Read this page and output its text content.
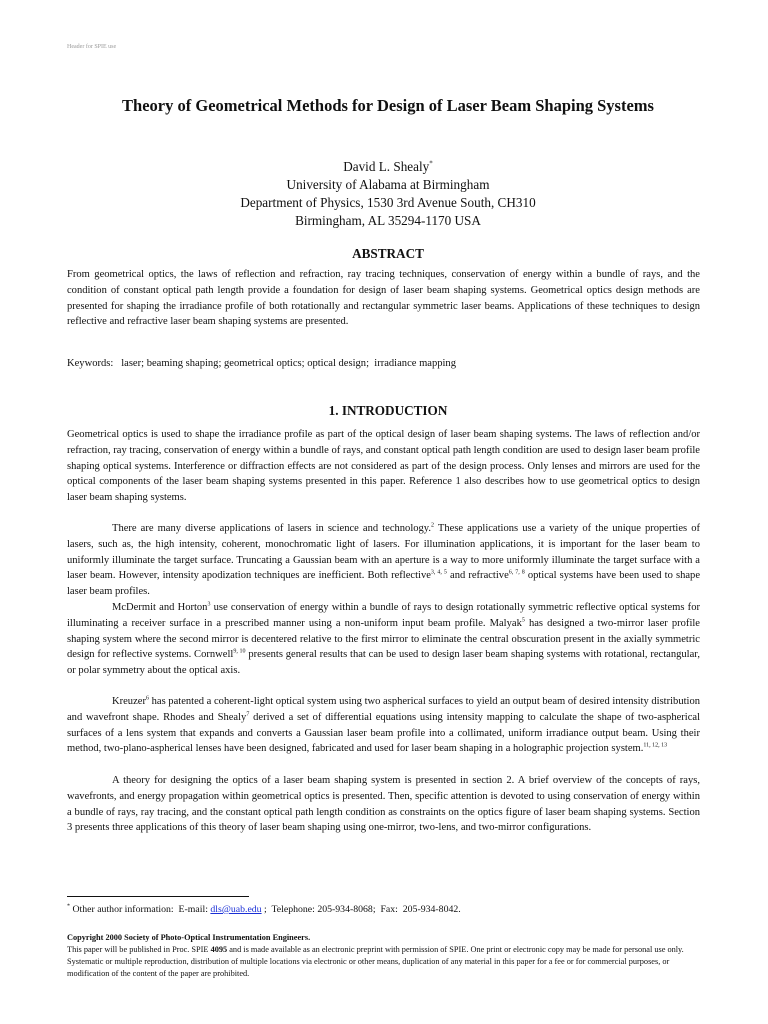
Header for SPIE use
Theory of Geometrical Methods for Design of Laser Beam Shaping Systems
David L. Shealy*
University of Alabama at Birmingham
Department of Physics, 1530 3rd Avenue South, CH310
Birmingham, AL 35294-1170 USA
ABSTRACT

From geometrical optics, the laws of reflection and refraction, ray tracing techniques, conservation of energy within a bundle of rays, and the condition of constant optical path length provide a foundation for design of laser beam shaping systems. Geometrical optics design methods are presented for shaping the irradiance profile of both rotationally and rectangular symmetric laser beams. Applications of these techniques to design reflective and refractive laser beam shaping systems are presented.

Keywords: laser; beaming shaping; geometrical optics; optical design;  irradiance mapping
1. INTRODUCTION

Geometrical optics is used to shape the irradiance profile as part of the optical design of laser beam shaping systems. The laws of reflection and/or refraction, ray tracing, conservation of energy within a bundle of rays, and constant optical path length condition are used to design laser beam profile shaping optical systems. Interference or diffraction effects are not considered as part of the design process. Only lenses and mirrors are used for the optical components of the laser beam shaping systems presented in this paper. Reference 1 also describes how to use geometrical optics to design laser beam shaping systems.

There are many diverse applications of lasers in science and technology.$^2$ These applications use a variety of the unique properties of lasers, such as, the high intensity, coherent, monochromatic light of lasers. For illumination applications, it is important for the laser beam to uniformly illuminate the target surface. Truncating a Gaussian beam with an aperture is a way to more uniformly illuminate the target surface with a laser beam. However, intensity apodization techniques are inefficient. Both reflective$^{3, 4, 5}$ and refractive$^{6, 7, 8}$ optical systems have been used to shape laser beam profiles.

McDermit and Horton$^3$ use conservation of energy within a bundle of rays to design rotationally symmetric reflective optical systems for illuminating a receiver surface in a prescribed manner using a non-uniform input beam profile. Malyak$^5$ has designed a two-mirror laser profile shaping system where the second mirror is decentered relative to the first mirror to eliminate the central obscuration present in the axially symmetric design for reflective systems. Cornwell$^{9, 10}$ presents general results that can be used to design laser beam shaping systems with rotational, rectangular, or polar symmetry about the optical axis.

Kreuzer$^6$ has patented a coherent-light optical system using two aspherical surfaces to yield an output beam of desired intensity distribution and wavefront shape. Rhodes and Shealy$^7$ derived a set of differential equations using intensity mapping to calculate the shape of two-aspherical surfaces of a lens system that expands and converts a Gaussian laser beam profile into a collimated, uniform irradiance output beam. Using their method, two-plano-aspherical lenses have been designed, fabricated and used for laser beam shaping in a holographic projection system.$^{11, 12, 13}$

A theory for designing the optics of a laser beam shaping system is presented in section 2. A brief overview of the concepts of rays, wavefronts, and energy propagation within geometrical optics is presented. Then, specific attention is devoted to using conservation of energy within a bundle of rays, ray tracing, and the constant optical path length condition as constraints on the optics figure of laser beam shaping systems. Section 3 presents three applications of this theory of laser beam shaping using one-mirror, two-lens, and two-mirror configurations.

* Other author information:  E-mail: dls@uab.edu ;  Telephone: 205-934-8068;  Fax:  205-934-8042.
Copyright 2000 Society of Photo-Optical Instrumentation Engineers.
This paper will be published in Proc. SPIE 4095 and is made available as an electronic preprint with permission of SPIE. One print or electronic copy may be made for personal use only. Systematic or multiple reproduction, distribution of multiple locations via electronic or other means, duplication of any material in this paper for a fee or for commercial purposes, or modification of the content of the paper are prohibited.
